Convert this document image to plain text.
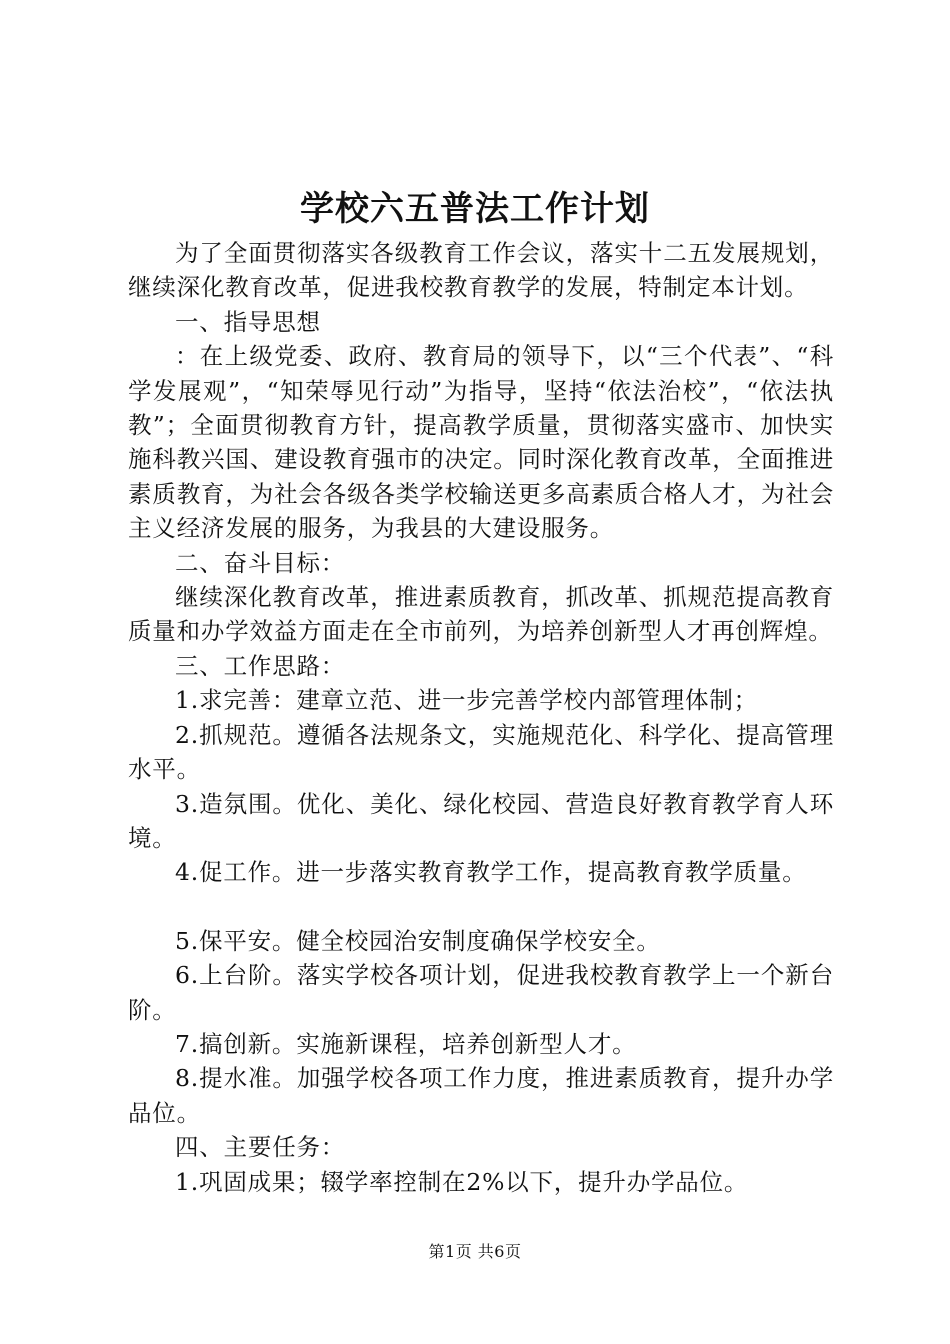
学校六五普法工作计划

为了全面贯彻落实各级教育工作会议，落实十二五发展规划，继续深化教育改革，促进我校教育教学的发展，特制定本计划。

一、指导思想

：在上级党委、政府、教育局的领导下，以“三个代表”、“科学发展观”，“知荣辱见行动”为指导，坚持“依法治校”，“依法执教”；全面贯彻教育方针，提高教学质量，贯彻落实盛市、加快实施科教兴国、建设教育强市的决定。同时深化教育改革，全面推进素质教育，为社会各级各类学校输送更多高素质合格人才，为社会主义经济发展的服务，为我县的大建设服务。

二、奋斗目标：

继续深化教育改革，推进素质教育，抓改革、抓规范提高教育质量和办学效益方面走在全市前列，为培养创新型人才再创辉煌。

三、工作思路：

1.求完善：建章立范、进一步完善学校内部管理体制；

2.抓规范。遵循各法规条文，实施规范化、科学化、提高管理水平。

3.造氛围。优化、美化、绿化校园、营造良好教育教学育人环境。

4.促工作。进一步落实教育教学工作，提高教育教学质量。

5.保平安。健全校园治安制度确保学校安全。

6.上台阶。落实学校各项计划，促进我校教育教学上一个新台阶。

7.搞创新。实施新课程，培养创新型人才。

8.提水准。加强学校各项工作力度，推进素质教育，提升办学品位。

四、主要任务：

1.巩固成果；辍学率控制在2%以下，提升办学品位。

第1页 共6页
